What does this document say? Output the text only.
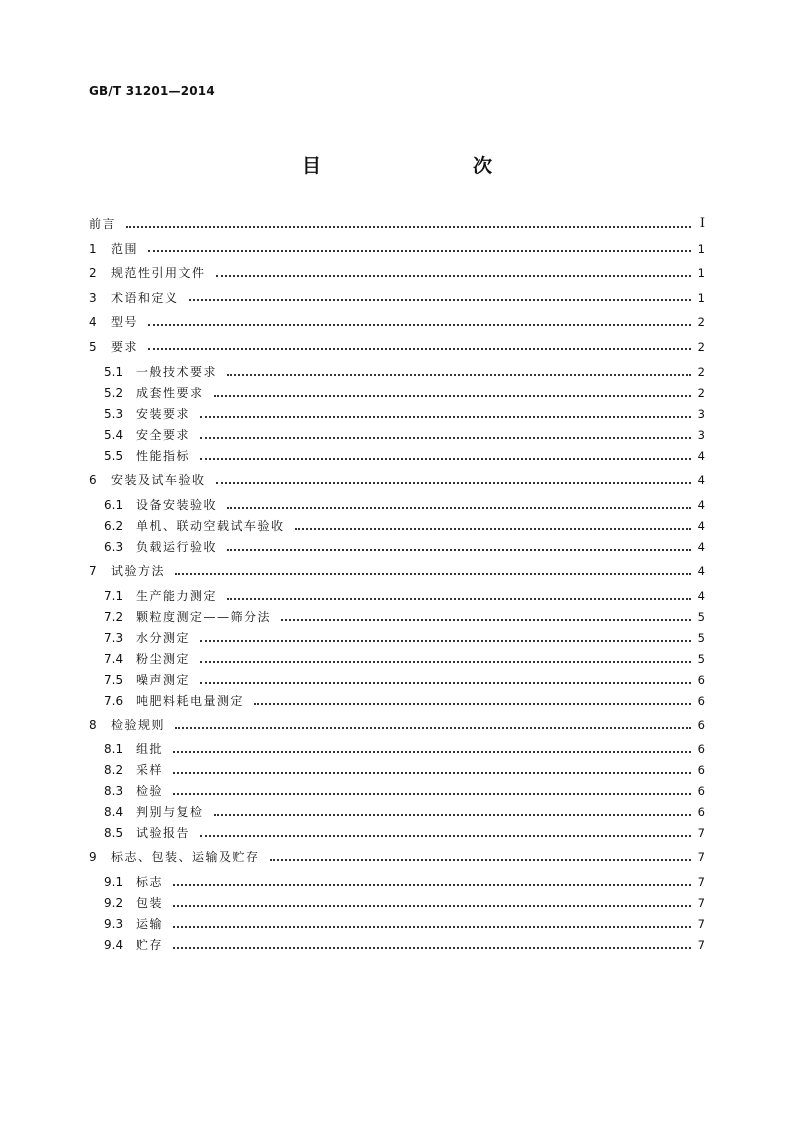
GB/T 31201—2014
目　　次
前言	Ⅰ
1	范围	1
2	规范性引用文件	1
3	术语和定义	1
4	型号	2
5	要求	2
5.1 一般技术要求	2
5.2 成套性要求	2
5.3 安装要求	3
5.4 安全要求	3
5.5 性能指标	4
6	安装及试车验收	4
6.1 设备安装验收	4
6.2 单机、联动空载试车验收	4
6.3 负载运行验收	4
7	试验方法	4
7.1 生产能力测定	4
7.2 颗粒度测定——筛分法	5
7.3 水分测定	5
7.4 粉尘测定	5
7.5 噪声测定	6
7.6 吨肥料耗电量测定	6
8	检验规则	6
8.1 组批	6
8.2 采样	6
8.3 检验	6
8.4 判别与复检	6
8.5 试验报告	7
9	标志、包装、运输及贮存	7
9.1 标志	7
9.2 包装	7
9.3 运输	7
9.4 贮存	7
